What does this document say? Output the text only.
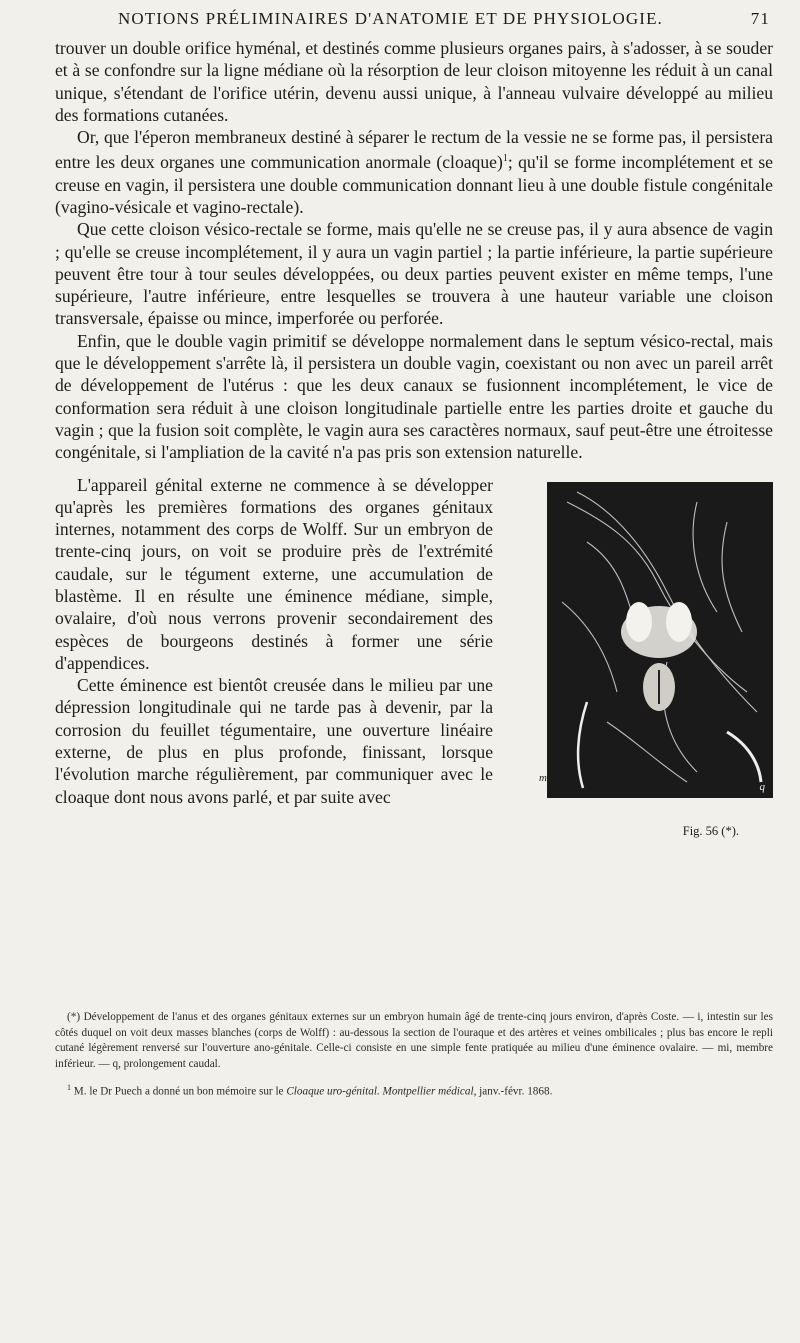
NOTIONS PRÉLIMINAIRES D'ANATOMIE ET DE PHYSIOLOGIE.	71

trouver un double orifice hyménal, et destinés comme plusieurs organes pairs, à s'adosser, à se souder et à se confondre sur la ligne médiane où la résorption de leur cloison mitoyenne les réduit à un canal unique, s'étendant de l'orifice utérin, devenu aussi unique, à l'anneau vulvaire développé au milieu des formations cutanées.

Or, que l'éperon membraneux destiné à séparer le rectum de la vessie ne se forme pas, il persistera entre les deux organes une communication anormale (cloaque)$^1$; qu'il se forme incomplétement et se creuse en vagin, il persistera une double communication donnant lieu à une double fistule congénitale (vagino-vésicale et vagino-rectale).

Que cette cloison vésico-rectale se forme, mais qu'elle ne se creuse pas, il y aura absence de vagin ; qu'elle se creuse incomplétement, il y aura un vagin partiel ; la partie inférieure, la partie supérieure peuvent être tour à tour seules développées, ou deux parties peuvent exister en même temps, l'une supérieure, l'autre inférieure, entre lesquelles se trouvera à une hauteur variable une cloison transversale, épaisse ou mince, imperforée ou perforée.

Enfin, que le double vagin primitif se développe normalement dans le septum vésico-rectal, mais que le développement s'arrête là, il persistera un double vagin, coexistant ou non avec un pareil arrêt de développement de l'utérus : que les deux canaux se fusionnent incomplétement, le vice de conformation sera réduit à une cloison longitudinale partielle entre les parties droite et gauche du vagin ; que la fusion soit complète, le vagin aura ses caractères normaux, sauf peut-être une étroitesse congénitale, si l'ampliation de la cavité n'a pas pris son extension naturelle.

mi
q
Fig. 56 (*).
L'appareil génital externe ne commence à se développer qu'après les premières formations des organes génitaux internes, notamment des corps de Wolff. Sur un embryon de trente-cinq jours, on voit se produire près de l'extrémité caudale, sur le tégument externe, une accumulation de blastème. Il en résulte une éminence médiane, simple, ovalaire, d'où nous verrons provenir secondairement des espèces de bourgeons destinés à former une série d'appendices.

Cette éminence est bientôt creusée dans le milieu par une dépression longitudinale qui ne tarde pas à devenir, par la corrosion du feuillet tégumentaire, une ouverture linéaire externe, de plus en plus profonde, finissant, lorsque l'évolution marche régulièrement, par communiquer avec le cloaque dont nous avons parlé, et par suite avec

(*) Développement de l'anus et des organes génitaux externes sur un embryon humain âgé de trente-cinq jours environ, d'après Coste. — i, intestin sur les côtés duquel on voit deux masses blanches (corps de Wolff) : au-dessous la section de l'ouraque et des artères et veines ombilicales ; plus bas encore le repli cutané légèrement renversé sur l'ouverture ano-génitale. Celle-ci consiste en une simple fente pratiquée au milieu d'une éminence ovalaire. — mi, membre inférieur. — q, prolongement caudal.

$^1$ M. le Dr Puech a donné un bon mémoire sur le Cloaque uro-génital. Montpellier médical, janv.-févr. 1868.
